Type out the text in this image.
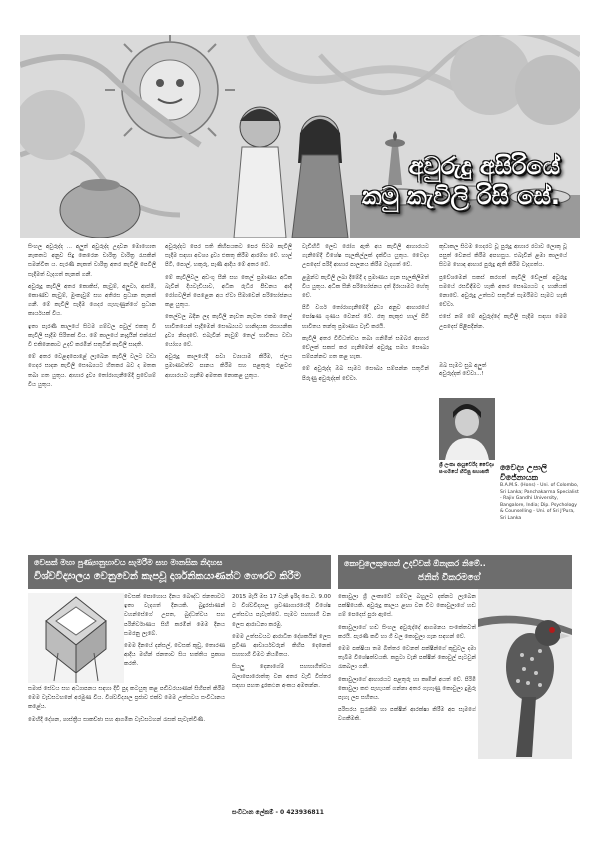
අවුරුදු අසිරියේ
කමු කැවිලි රිසි සේ.

සිංහල අවුරුද්ද ... අලුත් අවුරුද්ද උදාවන මොහොත නැකතට අනුව සිදු කෙරෙන චාරිත්‍ර වාරිත්‍ර රැසකින් සමන්විත ය. පැරණි නැකත් චාරිත්‍ර අතර කැවිලි පෙවිලි සෑදීමත් වැදගත් තැනක් ගනී.

අවුරුදු කැවිලි අතර කොකිස්, කැවුම්, අලුවා, ආස්මී, කොණ්ඩ කැවුම්, මුංකැවුම් සහ අතිරස ප්‍රධාන තැනක් ගනී. මේ කැවිලි සෑදීම ගෙදර ගැහැණුන්ගේ ප්‍රධාන කාර්යයක් විය.

ඉතා පැරණි කාලයේ සිටම ගම්වල පවුල් එකතු වී කැවිලි සෑදීම සිරිතක් විය. මේ කාලයේ නෑදෑයින් එක්රැස් වී එකිනෙකාට උදව් කරමින් සතුටින් කැවිලි සාදති.

මේ අතර වෙළඳපොළේ ලැබෙන කැවිලි වලට වඩා ගෙදර සාදන කැවිලි සෞඛ්‍යයට හිතකර බව ද මතක තබා ගත යුතුය. ආහාර ද්‍රව්‍ය තෝරාගැනීමේදී ප්‍රවේශම් විය යුතුය.

අවුරුද්දට පෙර සති කිහිපයකට පෙර සිටම කැවිලි සෑදීම සඳහා අවශ්‍ය ද්‍රව්‍ය එකතු කිරීම ආරම්භ වේ. හාල් පිටි, පොල්, හකුරු, පැණි ආදිය මේ අතර වේ.

මේ කැවිලිවල අඩංගු සීනි සහ තෙල් ප්‍රමාණය අධික බැවින් දියවැඩියාව, අධික රුධිර පීඩනය ආදී රෝගවලින් පෙළෙන අය ඒවා සීමාවෙන් පරිභෝජනය කළ යුතුය.

තෙල්වල බදින ලද කැවිලි නැවත නැවත එකම තෙල් භාවිතයෙන් සෑදීමෙන් සෞඛ්‍යයට හානිදායක රසායනික ද්‍රව්‍ය නිපදවේ. එබැවින් නැවුම් තෙල් භාවිතය වඩා යෝග්‍ය වේ.

අවුරුදු කාලයේදී පවා ව්‍යායාම කිරීම, ජලය ප්‍රමාණවත්ව පානය කිරීම සහ පළතුරු එළවළු ආහාරයට ගැනීම අමතක නොකළ යුතුය.

වැඩිහිටි ලෙඩ රෝග ඇති අය කැවිලි ආහාරයට ගැනීමේදී විශේෂ සැලකිල්ලක් දැක්විය යුතුය. වෛද්‍ය උපදෙස් පරිදි ආහාර පාලනය කිරීම වැදගත් වේ.

ළමුන්ට කැවිලි ලබා දීමේදී ද ප්‍රමාණය ගැන සැලකිලිමත් විය යුතුය. අධික සීනි පරිභෝජනය දත් දිරායාමට හේතු වේ.

පිටි වර්ග තෝරාගැනීමේදී ද්‍රව්‍ය අනුව ආහාරයේ පෝෂණ ගුණය වෙනස් වේ. රතු කැකුළු හාල් පිටි භාවිතය තන්තු ප්‍රමාණය වැඩි කරයි.

කැවිලි අතර විවිධත්වය තබා ගනිමින් සමබර ආහාර වේලක් සකස් කර ගැනීමෙන් අවුරුදු සමය සෞඛ්‍ය සම්පන්නව ගත කළ හැක.

මේ අවුරුද්ද ඔබ සැමට සෞඛ්‍ය සම්පන්න සතුටින් පිරුණු අවුරුද්දක් වේවා.

කුඩාකල සිටම ගෙදරට වූ පුරුදු ආහාර රටාව ලොකු වූ පසුත් වෙනස් කිරීම අපහසුය. එබැවින් ළමා කාලයේ සිටම හොඳ ආහාර පුරුදු ඇති කිරීම වැදගත්ය.

ප්‍රවේශමෙන් සකස් කරගත් කැවිලි වේලක් අවුරුදු සමයේ රසවිඳීමට හැකි අතර සෞඛ්‍යයට ද හානියක් නොවේ. අවුරුදු උත්සව සතුටින් සැමරීමට සැමට හැකි වේවා.

එසේ නම් මේ අවුරුද්දේ කැවිලි සෑදීම සඳහා මෙම උපදෙස් පිළිපදින්න.

ඔබ සැමට සුබ අලුත් අවුරුද්දක් වේවා...!
ශ්‍රී ලංකා ආයුර්වේද වෛද්‍ය සංගමයේ හිටපු සභාපති	වෛද්‍ය උපාලි විජේනායක
B.A.M.S. (Hons) - Uni. of Colombo, Sri Lanka; Panchakarma Specialist - Rajiv Gandhi University, Bangalore, India; Dip. Psychology & Counselling - Uni. of Sri J'Pura, Sri Lanka
වෙසක් මහා පුණ්‍යානුභාවය සැමරීම සහ මානසික නිදහස
විශ්වවිද්‍යාලය වෙනුවෙන් කැපවූ දාර්ශනිකයාණන්ට ගෞරව කිරීම

වෙසක් පොහොය දිනය බෞද්ධ ජනතාවට ඉතා වැදගත් දිනයකි. බුදුරජාණන් වහන්සේගේ උපත, බුද්ධත්වය සහ පරිනිර්වාණය සිහි කරමින් මෙම දිනය සමරනු ලැබේ.

මෙම දිනයේ දන්සල්, වෙසක් කූඩු, තොරණ ආදිය මඟින් ජනතාව සිය භක්තිය ප්‍රකාශ කරති.

සමාජ සේවය සහ අධ්‍යාපනය සඳහා දිවි පුදා කටයුතු කළ පඬිවරයාණන් සිහිපත් කිරීම මෙම වැඩසටහනේ අරමුණ විය. විශ්වවිද්‍යාල ප්‍රජාව එක්ව මෙම උත්සවය සංවිධානය කළේය.

මෙහිදී දේශන, ශාස්ත්‍රීය සාකච්ඡා සහ ආගමික වැඩසටහන් රැසක් පැවැත්විණි.

2015 මැයි මස 17 වැනි ඉරිදා පෙ.ව. 9.00 ට විශ්වවිද්‍යාල ශ්‍රවණාගාරයේදී විශේෂ උත්සවය පැවැත්වේ. සැමට සහභාගි වන ලෙස ආරාධනා කරමු.

මෙම උත්සවයට ආරාධිත දේශකයින් ලෙස ප්‍රවීණ ආචාර්යවරුන් කිහිප දෙනෙක් සහභාගී වීමට නියමිතය.

සියලු දෙනාගේම සහභාගීත්වය බලාපොරොත්තු වන අතර වැඩි විස්තර සඳහා පහත දුරකථන අංකය අමතන්න.

සංවිධාන ලේකම් - 0 423936811
කොවුලෙකුගෙන් උදව්වක් ඕනෑකර නිමේ..
ජනිත් විකරමගේ

කොවුලා ශ්‍රී ලංකාවේ ගම්වල බහුලව දක්නට ලැබෙන පක්ෂියෙකි. අවුරුදු කාලය ළඟා වන විට කොවුලාගේ හඬ ගම් පෙදෙස් පුරා ඇසේ.

කොවුලාගේ හඬ සිංහල අවුරුද්දේ ආගමනය සංකේතවත් කරයි. පැරණි කවි හා ගී වල කොවුලා ගැන සඳහන් වේ.

මෙම පක්ෂියා තම බිත්තර වෙනත් පක්ෂීන්ගේ කූඩුවල දමා තැබීම විශේෂත්වයකි. කපුටා වැනි පක්ෂීන් කොවුල් පැටවුන් රැකබලා ගනී.

කොවුලාගේ ආහාරයට පළතුරු හා කෘමීන් අයත් වේ. පිරිමි කොවුලා කළු පැහැයක් ගන්නා අතර ගැහැණු කොවුලා දුඹුරු පැහැ ලප සහිතය.

පරිසරය සුරැකීම හා පක්ෂීන් ආරක්ෂා කිරීම අප සැමගේ වගකීමකි.
